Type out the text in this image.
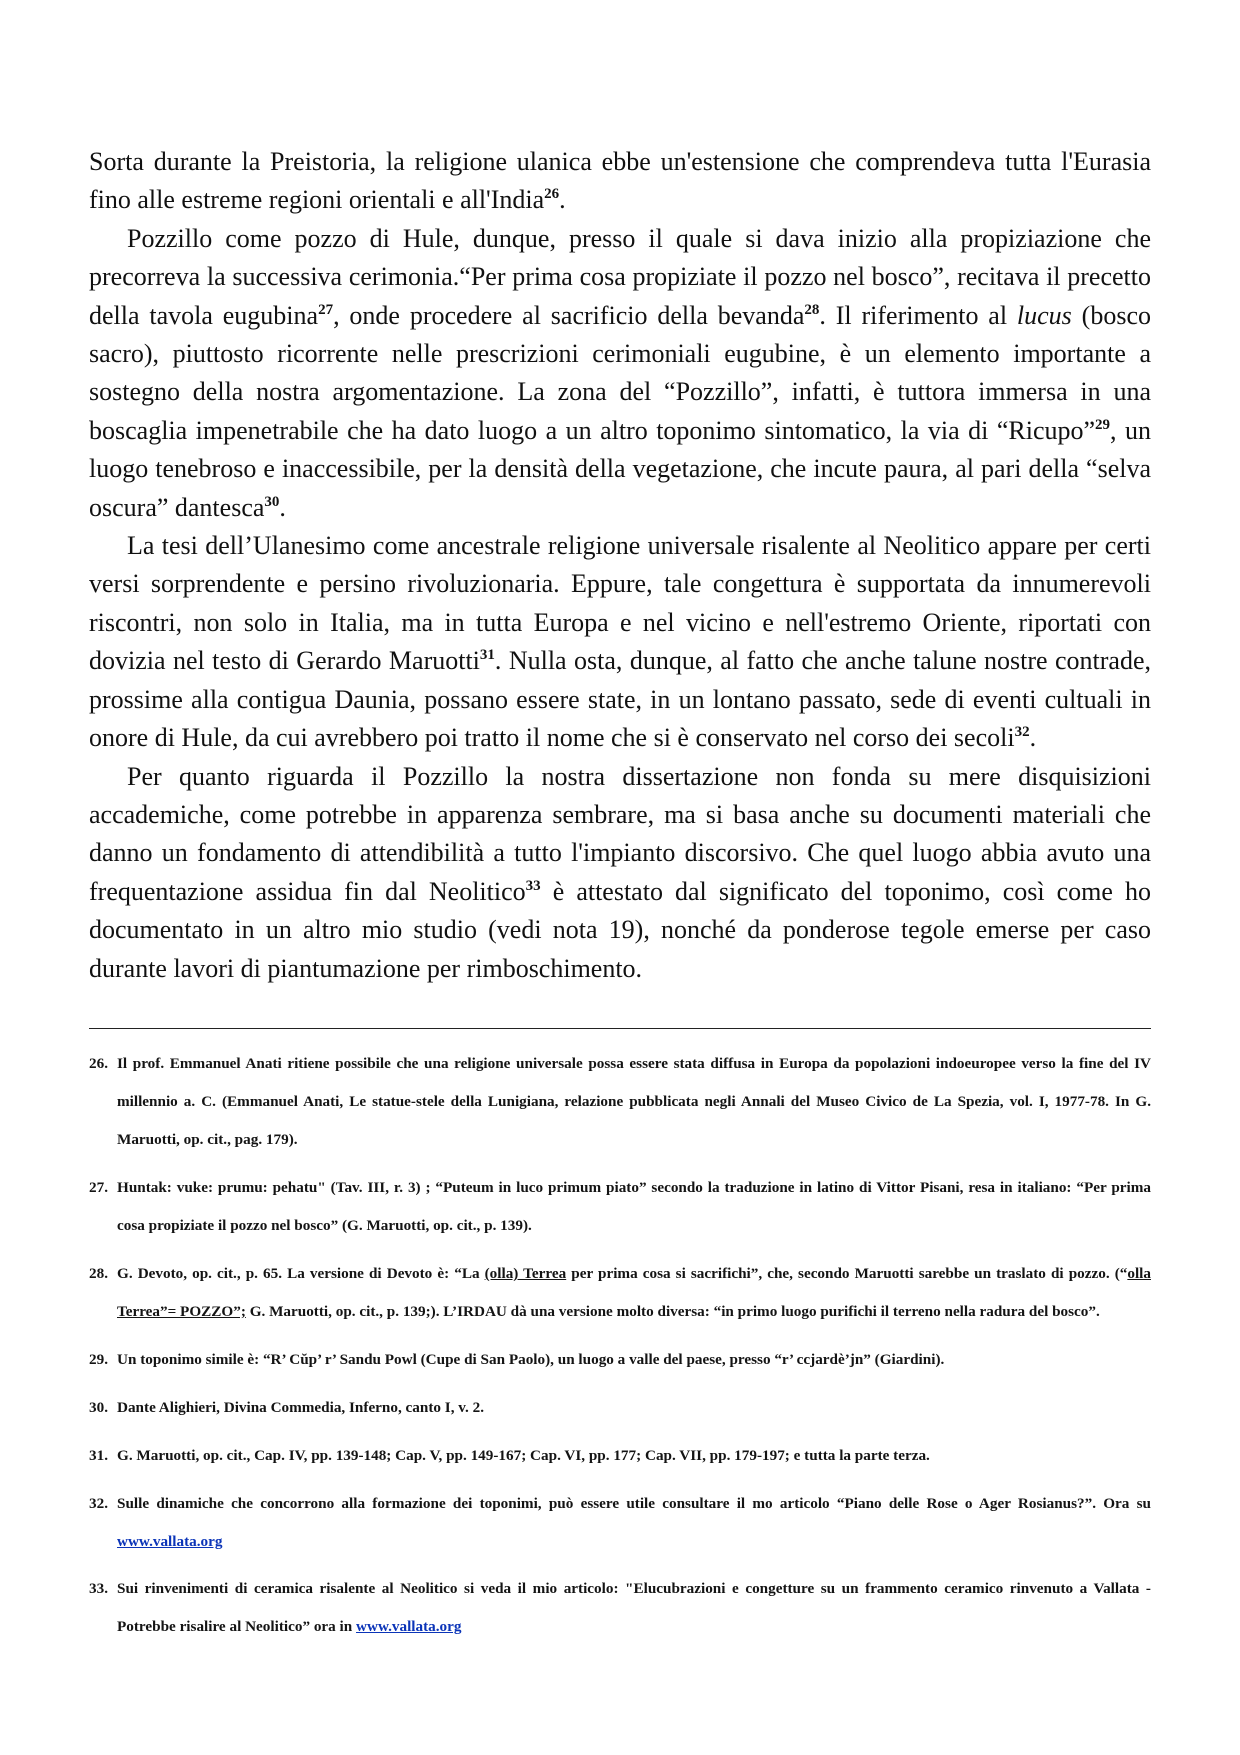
Sorta durante la Preistoria, la religione ulanica ebbe un'estensione che comprendeva tutta l'Eurasia fino alle estreme regioni orientali e all'India$^{26}$.

Pozzillo come pozzo di Hule, dunque, presso il quale si dava inizio alla propiziazione che precorreva la successiva cerimonia.“Per prima cosa propiziate il pozzo nel bosco”, recitava il precetto della tavola eugubina$^{27}$, onde procedere al sacrificio della bevanda$^{28}$. Il riferimento al lucus (bosco sacro), piuttosto ricorrente nelle prescrizioni cerimoniali eugubine, è un elemento importante a sostegno della nostra argomentazione. La zona del “Pozzillo”, infatti, è tuttora immersa in una boscaglia impenetrabile che ha dato luogo a un altro toponimo sintomatico, la via di “Ricupo”$^{29}$, un luogo tenebroso e inaccessibile, per la densità della vegetazione, che incute paura, al pari della “selva oscura” dantesca$^{30}$.

La tesi dell’Ulanesimo come ancestrale religione universale risalente al Neolitico appare per certi versi sorprendente e persino rivoluzionaria. Eppure, tale congettura è supportata da innumerevoli riscontri, non solo in Italia, ma in tutta Europa e nel vicino e nell'estremo Oriente, riportati con dovizia nel testo di Gerardo Maruotti$^{31}$. Nulla osta, dunque, al fatto che anche talune nostre contrade, prossime alla contigua Daunia, possano essere state, in un lontano passato, sede di eventi cultuali in onore di Hule, da cui avrebbero poi tratto il nome che si è conservato nel corso dei secoli$^{32}$.

Per quanto riguarda il Pozzillo la nostra dissertazione non fonda su mere disquisizioni accademiche, come potrebbe in apparenza sembrare, ma si basa anche su documenti materiali che danno un fondamento di attendibilità a tutto l'impianto discorsivo. Che quel luogo abbia avuto una frequentazione assidua fin dal Neolitico$^{33}$ è attestato dal significato del toponimo, così come ho documentato in un altro mio studio (vedi nota 19), nonché da ponderose tegole emerse per caso durante lavori di piantumazione per rimboschimento.

26. Il prof. Emmanuel Anati ritiene possibile che una religione universale possa essere stata diffusa in Europa da popolazioni indoeuropee verso la fine del IV millennio a. C. (Emmanuel Anati, Le statue-stele della Lunigiana, relazione pubblicata negli Annali del Museo Civico de La Spezia, vol. I, 1977-78. In G. Maruotti, op. cit., pag. 179).
27. Huntak: vuke: prumu: pehatu" (Tav. III, r. 3) ; “Puteum in luco primum piato” secondo la traduzione in latino di Vittor Pisani, resa in italiano: “Per prima cosa propiziate il pozzo nel bosco” (G. Maruotti, op. cit., p. 139).
28. G. Devoto, op. cit., p. 65. La versione di Devoto è: “La (olla) Terrea per prima cosa si sacrifichi”, che, secondo Maruotti sarebbe un traslato di pozzo. (“olla Terrea”= POZZO”; G. Maruotti, op. cit., p. 139;). L’IRDAU dà una versione molto diversa: “in primo luogo purifichi il terreno nella radura del bosco”.
29. Un toponimo simile è: “R’ Cŭp’ r’ Sandu Powl (Cupe di San Paolo), un luogo a valle del paese, presso “r’ ccjardè’jn” (Giardini).
30. Dante Alighieri, Divina Commedia, Inferno, canto I, v. 2.
31. G. Maruotti, op. cit., Cap. IV, pp. 139-148; Cap. V, pp. 149-167; Cap. VI, pp. 177; Cap. VII, pp. 179-197; e tutta la parte terza.
32. Sulle dinamiche che concorrono alla formazione dei toponimi, può essere utile consultare il mo articolo “Piano delle Rose o Ager Rosianus?”. Ora su www.vallata.org
33. Sui rinvenimenti di ceramica risalente al Neolitico si veda il mio articolo: "Elucubrazioni e congetture su un frammento ceramico rinvenuto a Vallata - Potrebbe risalire al Neolitico” ora in www.vallata.org
